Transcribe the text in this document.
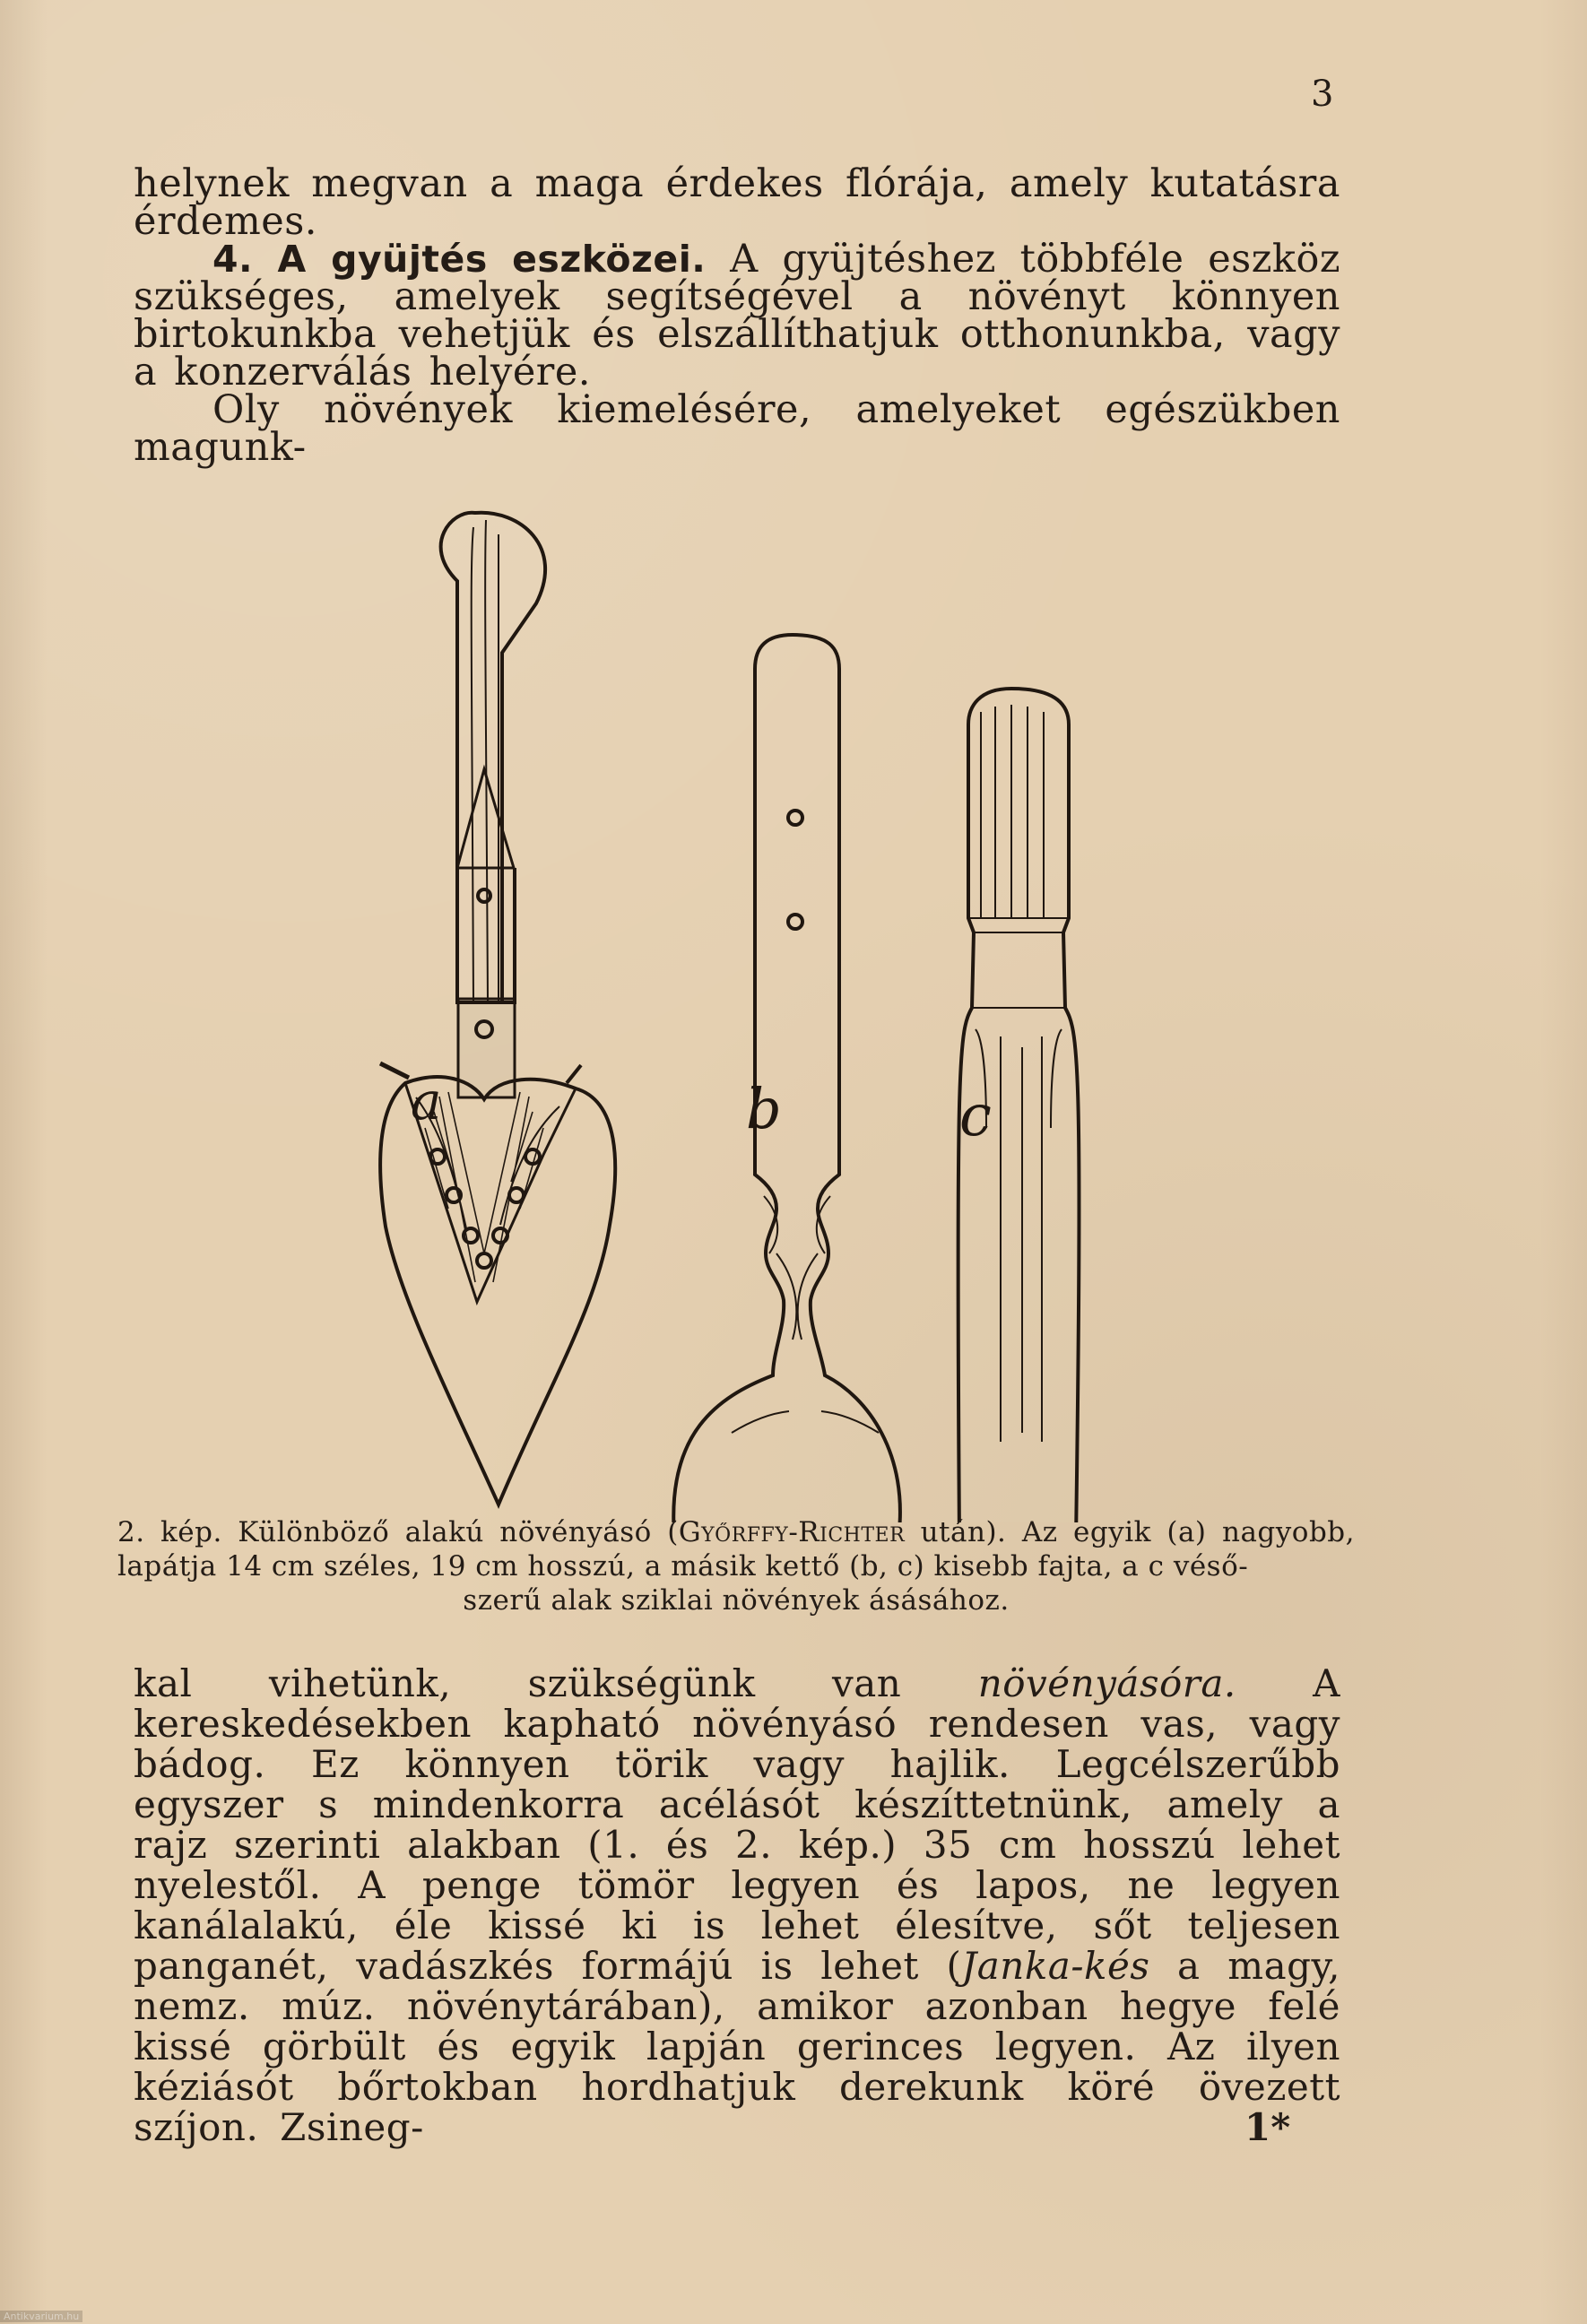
3

helynek megvan a maga érdekes flórája, amely kutatásra érdemes.

4. A gyüjtés eszközei. A gyüjtéshez többféle eszköz szükséges, amelyek segítségével a növényt könnyen birtokunkba vehetjük és elszállíthatjuk otthonunkba, vagy a konzerválás helyére.

Oly növények kiemelésére, amelyeket egészükben magunk-

a	b	c
2. kép. Különböző alakú növényásó (Győrffy-Richter után). Az egyik (a) nagyobb, lapátja 14 cm széles, 19 cm hosszú, a másik kettő (b, c) kisebb fajta, a c véső-
szerű alak sziklai növények ásásához.

kal vihetünk, szükségünk van növényásóra. A kereskedésekben kapható növényásó rendesen vas, vagy bádog. Ez könnyen törik vagy hajlik. Legcélszerűbb egyszer s mindenkorra acélásót készíttetnünk, amely a rajz szerinti alakban (1. és 2. kép.) 35 cm hosszú lehet nyelestől. A penge tömör legyen és lapos, ne legyen kanálalakú, éle kissé ki is lehet élesítve, sőt teljesen panganét, vadászkés formájú is lehet (Janka-kés a magy, nemz. múz. növénytárában), amikor azonban hegye felé kissé görbült és egyik lapján gerinces legyen. Az ilyen kéziásót bőrtokban hordhatjuk derekunk köré övezett szíjon. Zsineg-	1*
Antikvarium.hu
